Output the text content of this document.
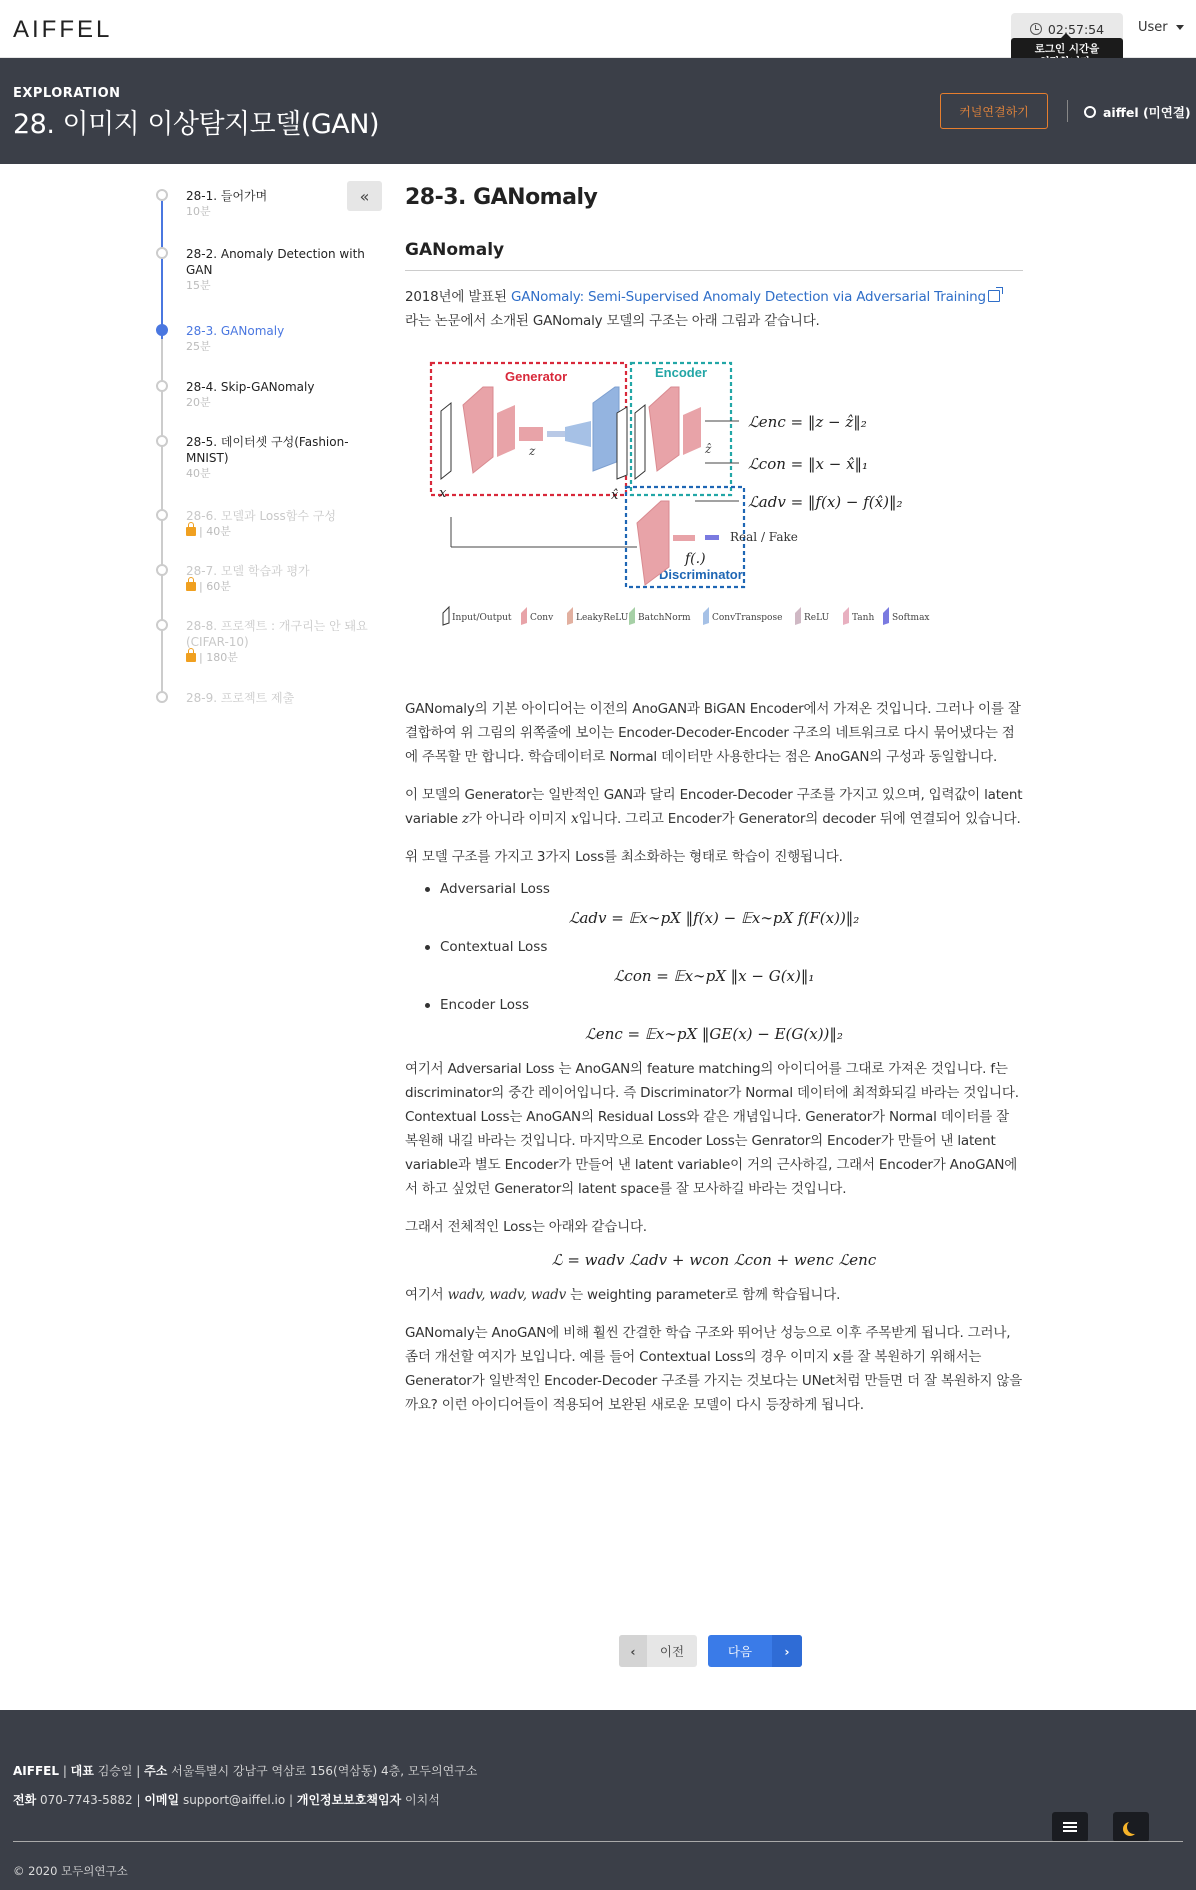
AIFFEL	02:57:54
로그인 시간을

User
EXPLORATION
28. 이미지 이상탐지모델(GAN)	커널연결하기	aiffel (미연결)
«
28-1. 들어가며
10분
28-2. Anomaly Detection with GAN
15분
28-3. GANomaly
25분
28-4. Skip-GANomaly
20분
28-5. 데이터셋 구성(Fashion-MNIST)
40분
28-6. 모델과 Loss함수 구성
| 40분
28-7. 모델 학습과 평가
| 60분
28-8. 프로젝트 : 개구리는 안 돼요(CIFAR-10)
| 180분
28-9. 프로젝트 제출
28-3. GANomaly
GANomaly

2018년에 발표된 GANomaly: Semi-Supervised Anomaly Detection via Adversarial Training
라는 논문에서 소개된 GANomaly 모델의 구조는 아래 그림과 같습니다.

Generator	Encoder
Discriminator
z
x	x̂
ẑ
f(.)
Real / Fake
ℒenc = ‖z − ẑ‖₂
ℒcon = ‖x − x̂‖₁
ℒadv = ‖f(x) − f(x̂)‖₂
Input/Output Conv	LeakyReLU BatchNorm ConvTranspose ReLU	Tanh Softmax

GANomaly의 기본 아이디어는 이전의 AnoGAN과 BiGAN Encoder에서 가져온 것입니다. 그러나 이를 잘 결합하여 위 그림의 위쪽줄에 보이는 Encoder-Decoder-Encoder 구조의 네트워크로 다시 묶어냈다는 점에 주목할 만 합니다. 학습데이터로 Normal 데이터만 사용한다는 점은 AnoGAN의 구성과 동일합니다.

이 모델의 Generator는 일반적인 GAN과 달리 Encoder-Decoder 구조를 가지고 있으며, 입력값이 latent variable z가 아니라 이미지 x입니다. 그리고 Encoder가 Generator의 decoder 뒤에 연결되어 있습니다.

위 모델 구조를 가지고 3가지 Loss를 최소화하는 형태로 학습이 진행됩니다.

Adversarial Loss
ℒadv = 𝔼x∼pX ‖f(x) − 𝔼x∼pX f(F(x))‖₂
Contextual Loss
ℒcon = 𝔼x∼pX ‖x − G(x)‖₁
Encoder Loss
ℒenc = 𝔼x∼pX ‖GE(x) − E(G(x))‖₂

여기서 Adversarial Loss 는 AnoGAN의 feature matching의 아이디어를 그대로 가져온 것입니다. f는 discriminator의 중간 레이어입니다. 즉 Discriminator가 Normal 데이터에 최적화되길 바라는 것입니다. Contextual Loss는 AnoGAN의 Residual Loss와 같은 개념입니다. Generator가 Normal 데이터를 잘 복원해 내길 바라는 것입니다. 마지막으로 Encoder Loss는 Genrator의 Encoder가 만들어 낸 latent variable과 별도 Encoder가 만들어 낸 latent variable이 거의 근사하길, 그래서 Encoder가 AnoGAN에서 하고 싶었던 Generator의 latent space를 잘 모사하길 바라는 것입니다.

그래서 전체적인 Loss는 아래와 같습니다.

ℒ = wadv ℒadv + wcon ℒcon + wenc ℒenc

여기서 wadv, wadv, wadv 는 weighting parameter로 함께 학습됩니다.

GANomaly는 AnoGAN에 비해 훨씬 간결한 학습 구조와 뛰어난 성능으로 이후 주목받게 됩니다. 그러나, 좀더 개선할 여지가 보입니다. 예를 들어 Contextual Loss의 경우 이미지 x를 잘 복원하기 위해서는 Generator가 일반적인 Encoder-Decoder 구조를 가지는 것보다는 UNet처럼 만들면 더 잘 복원하지 않을까요? 이런 아이디어들이 적용되어 보완된 새로운 모델이 다시 등장하게 됩니다.

‹	이전	다음	›
AIFFEL | 대표 김승일 | 주소 서울특별시 강남구 역삼로 156(역삼동) 4층, 모두의연구소
전화 070-7743-5882 | 이메일 support@aiffel.io | 개인정보보호책임자 이치석
© 2020 모두의연구소
